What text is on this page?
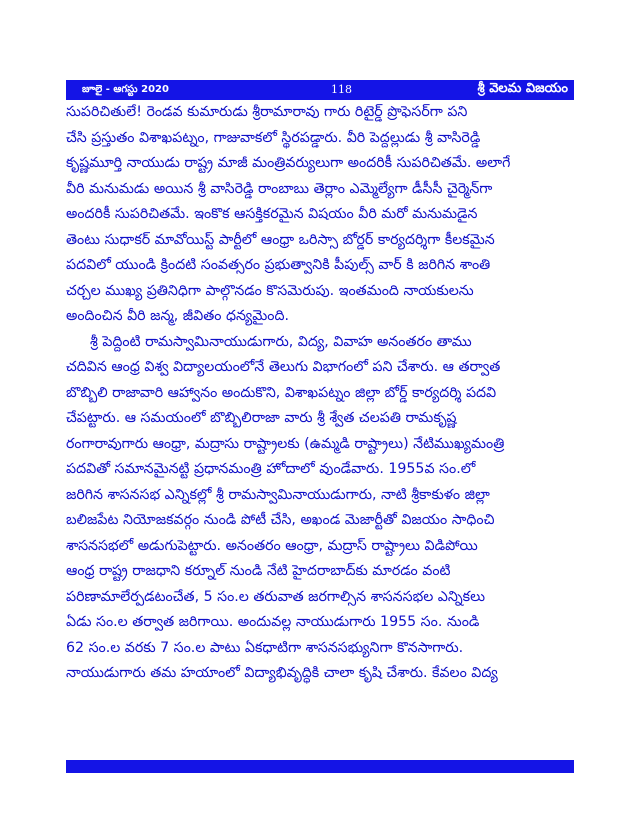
జూలై - ఆగస్టు 2020	118	శ్రీ వెలమ విజయం
సుపరిచితులే! రెండవ కుమారుడు శ్రీరామారావు గారు రిటైర్డ్ ప్రొఫెసర్‌గా పని
చేసి ప్రస్తుతం విశాఖపట్నం, గాజువాకలో స్థిరపడ్డారు. వీరి పెద్దల్లుడు శ్రీ వాసిరెడ్డి
కృష్ణమూర్తి నాయుడు రాష్ట్ర మాజీ మంత్రివర్యులుగా అందరికీ సుపరిచితమే. అలాగే
వీరి మనుమడు అయిన శ్రీ వాసిరెడ్డి రాంబాబు తెర్లాం ఎమ్మెల్యేగా డీసీసీ చైర్మెన్‌గా
అందరికీ సుపరిచితమే. ఇంకొక ఆసక్తికరమైన విషయం వీరి మరో మనుమడైన
తెంటు సుధాకర్ మావోయిస్ట్ పార్టీలో ఆంధ్రా ఒరిస్సా బోర్డర్ కార్యదర్శిగా కీలకమైన
పదవిలో యుండి క్రిందటి సంవత్సరం ప్రభుత్వానికి పీపుల్స్ వార్ కి జరిగిన శాంతి
చర్చల ముఖ్య ప్రతినిధిగా పాల్గొనడం కొసమెరుపు. ఇంతమంది నాయకులను
అందించిన వీరి జన్మ, జీవితం ధన్యమైంది.
శ్రీ పెద్దింటి రామస్వామినాయుడుగారు, విద్య, వివాహ అనంతరం తాము
చదివిన ఆంధ్ర విశ్వ విద్యాలయంలోనే తెలుగు విభాగంలో పని చేశారు. ఆ తర్వాత
బొబ్బిలి రాజావారి ఆహ్వానం అందుకొని, విశాఖపట్నం జిల్లా బోర్డ్ కార్యదర్శి పదవి
చేపట్టారు. ఆ సమయంలో బొబ్బిలిరాజా వారు శ్రీ శ్వేత చలపతి రామకృష్ణ
రంగారావుగారు ఆంధ్రా, మద్రాసు రాష్ట్రాలకు (ఉమ్మడి రాష్ట్రాలు) నేటిముఖ్యమంత్రి
పదవితో సమానమైనట్టి ప్రధానమంత్రి హోదాలో వుండేవారు. 1955వ సం.లో
జరిగిన శాసనసభ ఎన్నికల్లో శ్రీ రామస్వామినాయుడుగారు, నాటి శ్రీకాకుళం జిల్లా
బలిజపేట నియోజకవర్గం నుండి పోటీ చేసి, అఖండ మెజార్టీతో విజయం సాధించి
శాసనసభలో అడుగుపెట్టారు. అనంతరం ఆంధ్రా, మద్రాస్ రాష్ట్రాలు విడిపోయి
ఆంధ్ర రాష్ట్ర రాజధాని కర్నూల్ నుండి నేటి హైదరాబాద్‌కు మారడం వంటి
పరిణామాలేర్పడటంచేత, 5 సం.ల తరువాత జరగాల్సిన శాసనసభల ఎన్నికలు
ఏడు సం.ల తర్వాత జరిగాయి. అందువల్ల నాయుడుగారు 1955 సం. నుండి
62 సం.ల వరకు 7 సం.ల పాటు ఏకధాటిగా శాసనసభ్యునిగా కొనసాగారు.
నాయుడుగారు తమ హయాంలో విద్యాభివృద్ధికి చాలా కృషి చేశారు. కేవలం విద్య
